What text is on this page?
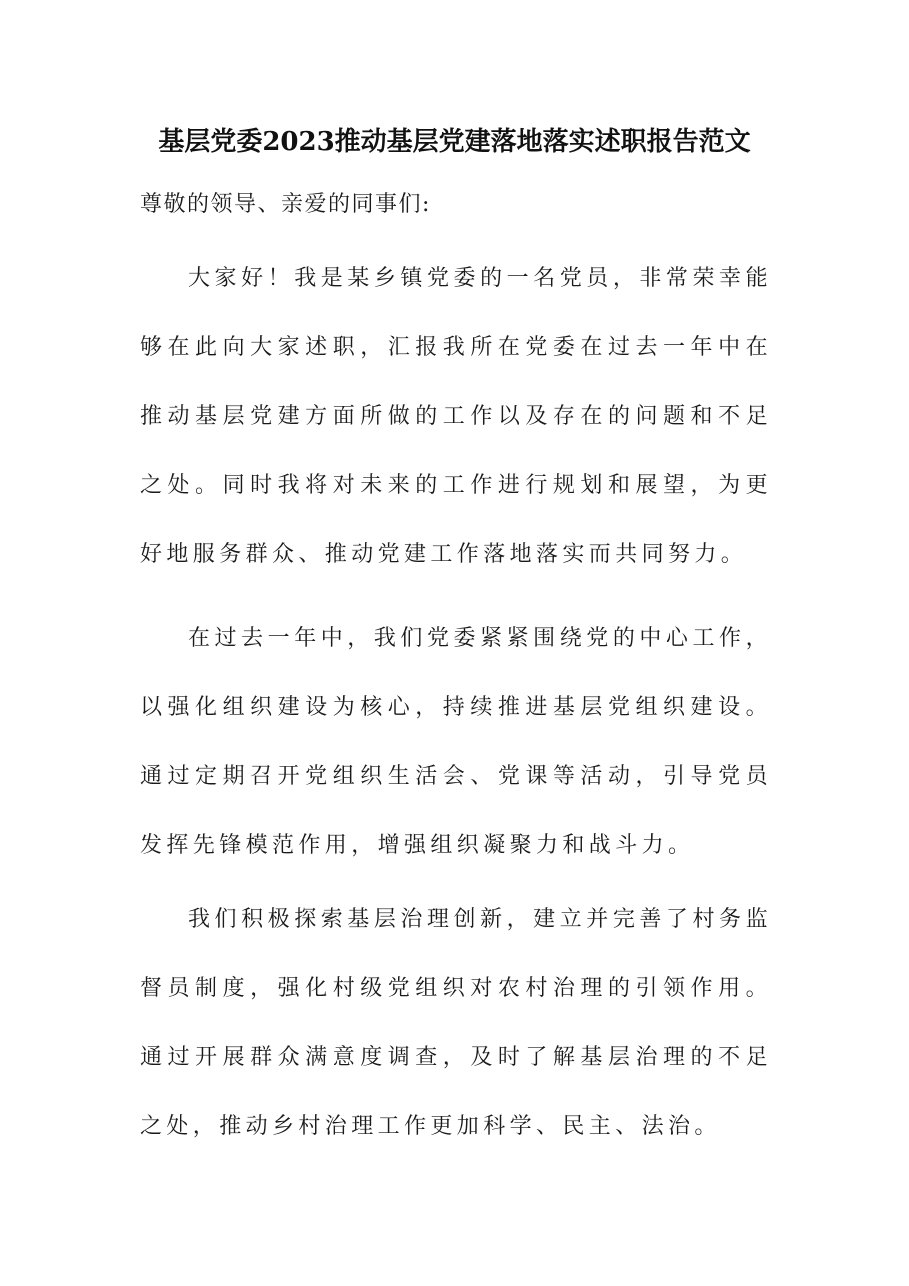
基层党委2023推动基层党建落地落实述职报告范文

尊敬的领导、亲爱的同事们:

大家好！我是某乡镇党委的一名党员，非常荣幸能够在此向大家述职，汇报我所在党委在过去一年中在推动基层党建方面所做的工作以及存在的问题和不足之处。同时我将对未来的工作进行规划和展望，为更好地服务群众、推动党建工作落地落实而共同努力。

在过去一年中，我们党委紧紧围绕党的中心工作，以强化组织建设为核心，持续推进基层党组织建设。通过定期召开党组织生活会、党课等活动，引导党员发挥先锋模范作用，增强组织凝聚力和战斗力。

我们积极探索基层治理创新，建立并完善了村务监督员制度，强化村级党组织对农村治理的引领作用。通过开展群众满意度调查，及时了解基层治理的不足之处，推动乡村治理工作更加科学、民主、法治。
